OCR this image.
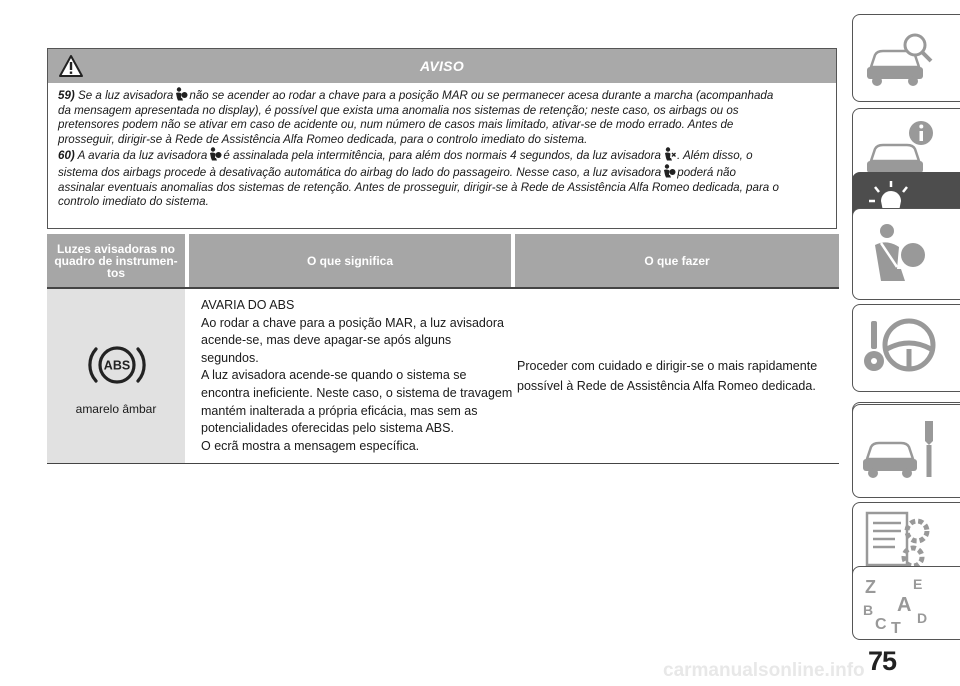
AVISO

59) Se a luz avisadora não se acender ao rodar a chave para a posição MAR ou se permanecer acesa durante a marcha (acompanhada
da mensagem apresentada no display), é possível que exista uma anomalia nos sistemas de retenção; neste caso, os airbags ou os
pretensores podem não se ativar em caso de acidente ou, num número de casos mais limitado, ativar-se de modo errado. Antes de
prosseguir, dirigir-se à Rede de Assistência Alfa Romeo dedicada, para o controlo imediato do sistema.

60) A avaria da luz avisadora é assinalada pela intermitência, para além dos normais 4 segundos, da luz avisadora . Além disso, o
sistema dos airbags procede à desativação automática do airbag do lado do passageiro. Nesse caso, a luz avisadora poderá não
assinalar eventuais anomalias dos sistemas de retenção. Antes de prosseguir, dirigir-se à Rede de Assistência Alfa Romeo dedicada, para o
controlo imediato do sistema.

Luzes avisadoras no
quadro de instrumen-
tos
O que significa	O que fazer
ABS
amarelo âmbar
AVARIA DO ABS
Ao rodar a chave para a posição MAR, a luz avisadora
acende-se, mas deve apagar-se após alguns
segundos.
A luz avisadora acende-se quando o sistema se
encontra ineficiente. Neste caso, o sistema de travagem
mantém inalterada a própria eficácia, mas sem as
potencialidades oferecidas pelo sistema ABS.
O ecrã mostra a mensagem específica.
Proceder com cuidado e dirigir-se o mais rapidamente
possível à Rede de Assistência Alfa Romeo dedicada.
Z	E
A
B
C T
D
75
carmanualsonline.info
